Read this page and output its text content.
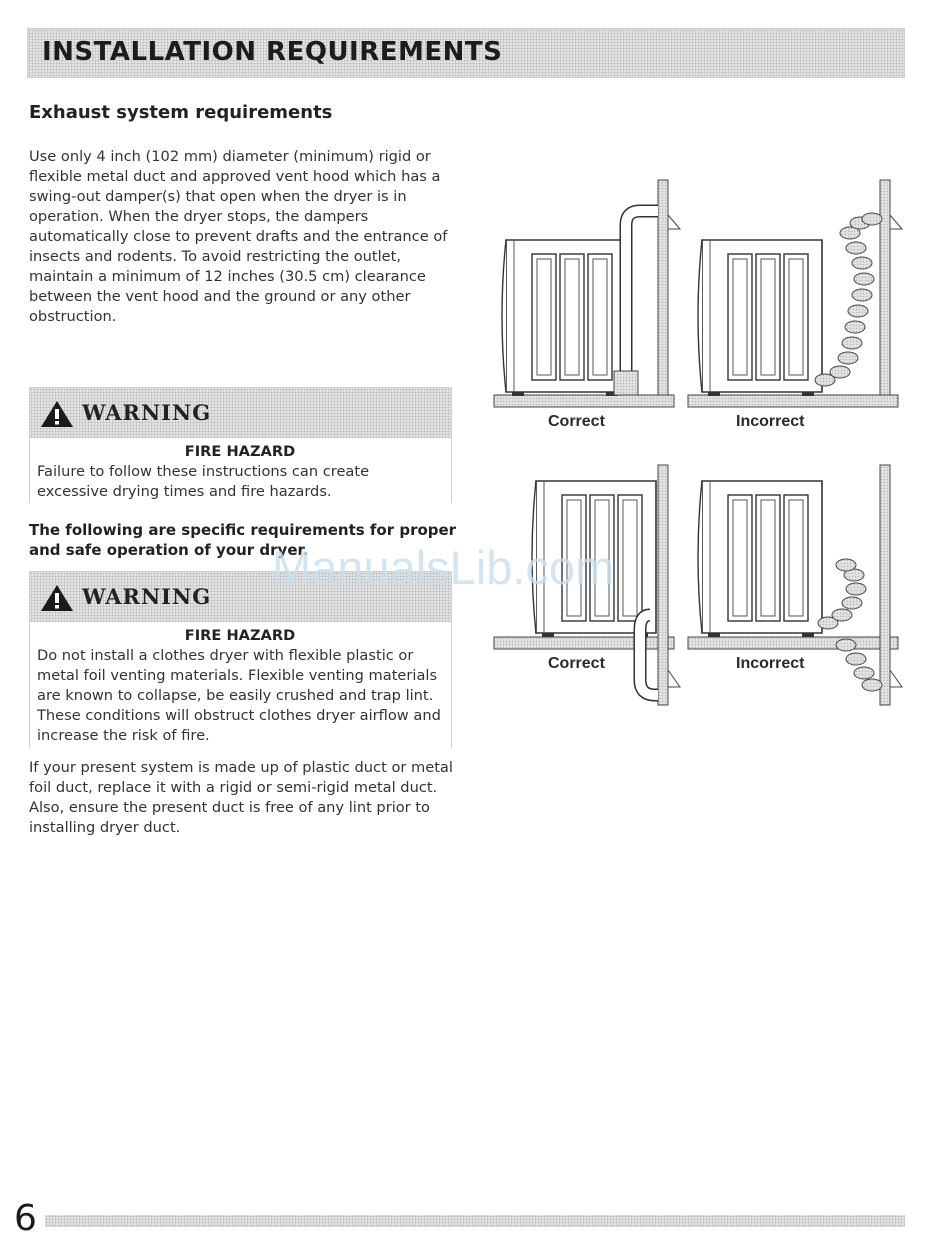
INSTALLATION REQUIREMENTS
Exhaust system requirements

Use only 4 inch (102 mm) diameter (minimum) rigid or flexible metal duct and approved vent hood which has a swing-out damper(s) that open when the dryer is in operation. When the dryer stops, the dampers automatically close to prevent drafts and the entrance of insects and rodents. To avoid restricting the outlet, maintain a minimum of 12 inches (30.5 cm) clearance between the vent hood and the ground or any other obstruction.

WARNING
FIRE HAZARD
Failure to follow these instructions can create excessive drying times and fire hazards.

The following are specific requirements for proper and safe operation of your dryer.

WARNING
FIRE HAZARD
Do not install a clothes dryer with flexible plastic or metal foil venting materials. Flexible venting materials are known to collapse, be easily crushed and trap lint. These conditions will obstruct clothes dryer airflow and increase the risk of fire.

If your present system is made up of plastic duct or metal foil duct, replace it with a rigid or semi-rigid metal duct. Also, ensure the present duct is free of any lint prior to installing dryer duct.

Correct	Incorrect
Correct	Incorrect
ManualsLib.com
6
